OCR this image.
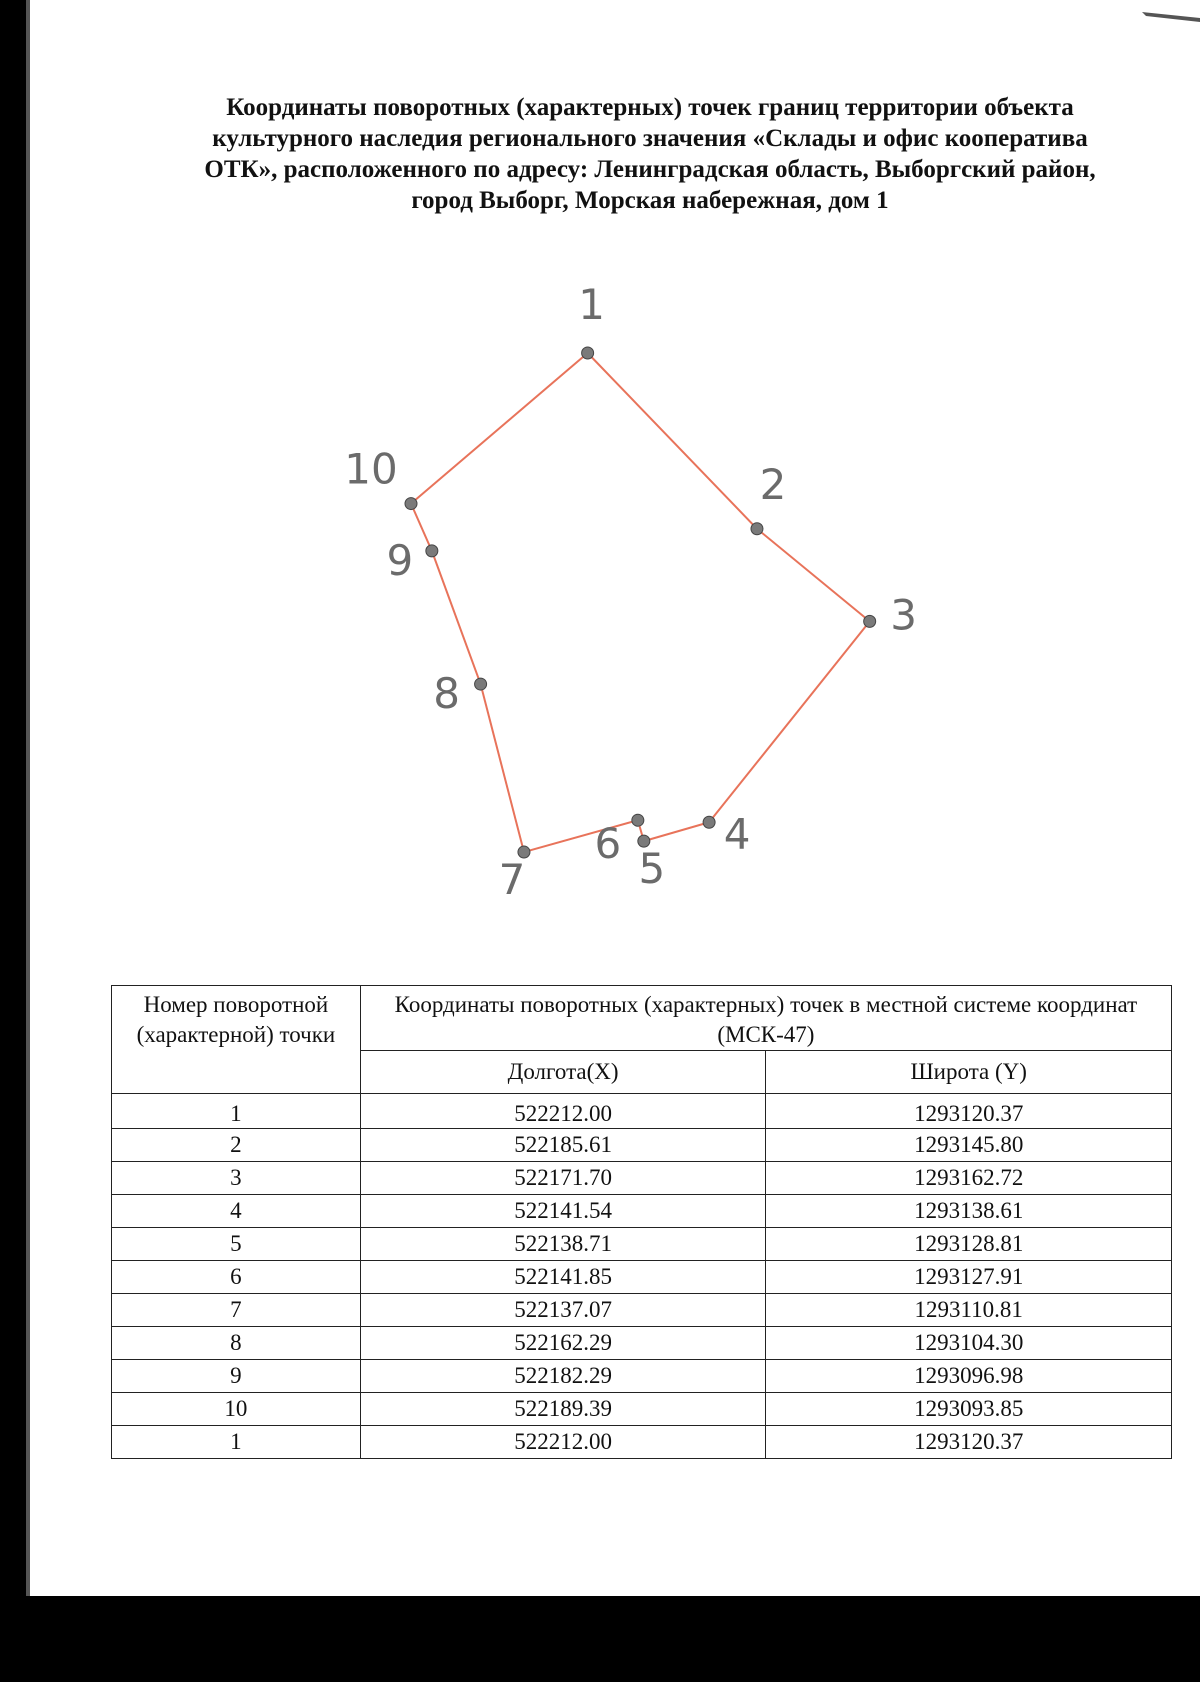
Координаты поворотных (характерных) точек границ территории объекта
культурного наследия регионального значения «Склады и офис кооператива
ОТК», расположенного по адресу: Ленинградская область, Выборгский район,
город Выборг, Морская набережная, дом 1
1
2
3
4
5
6
7
8
9
10
Номер поворотной (характерной) точки	Координаты поворотных (характерных) точек в местной системе координат (МСК-47)	
	Долгота(X)	Широта (Y)
1	522212.00	1293120.37
2	522185.61	1293145.80
3	522171.70	1293162.72
4	522141.54	1293138.61
5	522138.71	1293128.81
6	522141.85	1293127.91
7	522137.07	1293110.81
8	522162.29	1293104.30
9	522182.29	1293096.98
10	522189.39	1293093.85
1	522212.00	1293120.37
